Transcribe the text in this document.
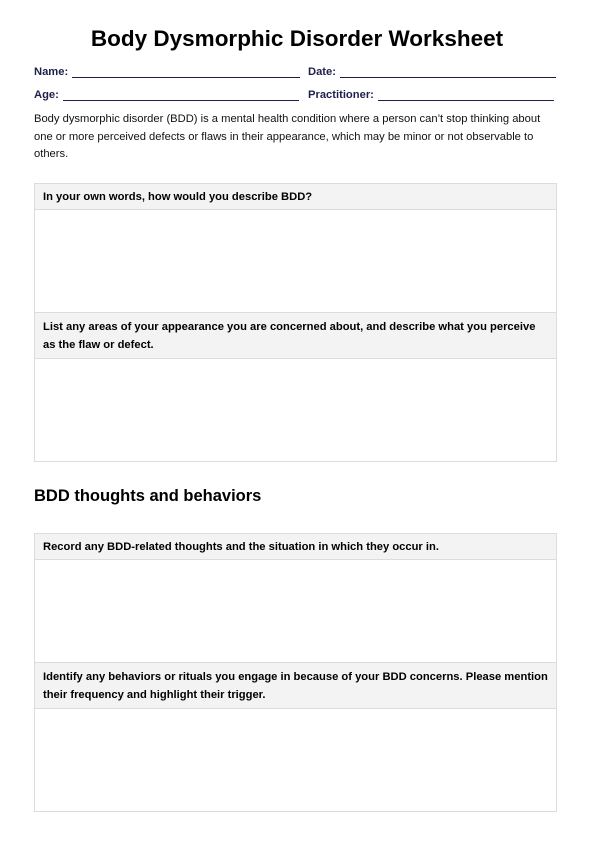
Body Dysmorphic Disorder Worksheet
Name:	Date:
Age:	Practitioner:
Body dysmorphic disorder (BDD) is a mental health condition where a person can’t stop thinking about one or more perceived defects or flaws in their appearance, which may be minor or not observable to others.
In your own words, how would you describe BDD?
List any areas of your appearance you are concerned about, and describe what you perceive as the flaw or defect.
BDD thoughts and behaviors
Record any BDD-related thoughts and the situation in which they occur in.
Identify any behaviors or rituals you engage in because of your BDD concerns. Please mention their frequency and highlight their trigger.
